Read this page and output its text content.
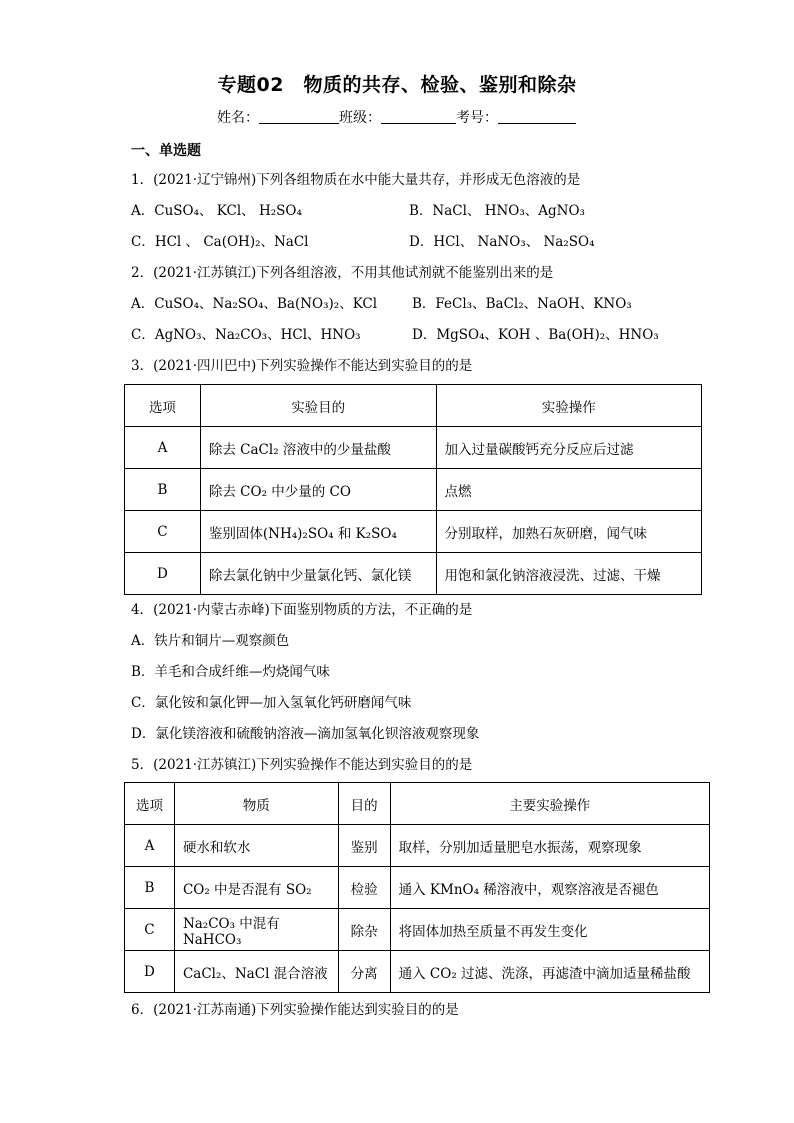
专题02　物质的共存、检验、鉴别和除杂
姓名：	班级：	考号：
一、单选题
1．(2021·辽宁锦州)下列各组物质在水中能大量共存，并形成无色溶液的是
A．CuSO₄、 KCl、 H₂SO₄	B．NaCl、 HNO₃、AgNO₃
C．HCl 、 Ca(OH)₂、NaCl	D．HCl、 NaNO₃、 Na₂SO₄
2．(2021·江苏镇江)下列各组溶液，不用其他试剂就不能鉴别出来的是
A．CuSO₄、Na₂SO₄、Ba(NO₃)₂、KCl	B．FeCl₃、BaCl₂、NaOH、KNO₃
C．AgNO₃、Na₂CO₃、HCl、HNO₃	D．MgSO₄、KOH 、Ba(OH)₂、HNO₃
3．(2021·四川巴中)下列实验操作不能达到实验目的的是
选项	实验目的	实验操作
A	除去 CaCl₂ 溶液中的少量盐酸	加入过量碳酸钙充分反应后过滤
B	除去 CO₂ 中少量的 CO	点燃
C	鉴别固体(NH₄)₂SO₄ 和 K₂SO₄	分别取样，加熟石灰研磨，闻气味
D	除去氯化钠中少量氯化钙、氯化镁	用饱和氯化钠溶液浸洗、过滤、干燥
4．(2021·内蒙古赤峰)下面鉴别物质的方法，不正确的是
A．铁片和铜片—观察颜色
B．羊毛和合成纤维—灼烧闻气味
C．氯化铵和氯化钾—加入氢氧化钙研磨闻气味
D．氯化镁溶液和硫酸钠溶液—滴加氢氧化钡溶液观察现象
5．(2021·江苏镇江)下列实验操作不能达到实验目的的是
选项	物质	目的	主要实验操作
A	硬水和软水	鉴别	取样，分别加适量肥皂水振荡，观察现象
B	CO₂ 中是否混有 SO₂	检验	通入 KMnO₄ 稀溶液中，观察溶液是否褪色
C	Na₂CO₃ 中混有 NaHCO₃	除杂	将固体加热至质量不再发生变化
D	CaCl₂、NaCl 混合溶液	分离	通入 CO₂ 过滤、洗涤，再滤渣中滴加适量稀盐酸
6．(2021·江苏南通)下列实验操作能达到实验目的的是
